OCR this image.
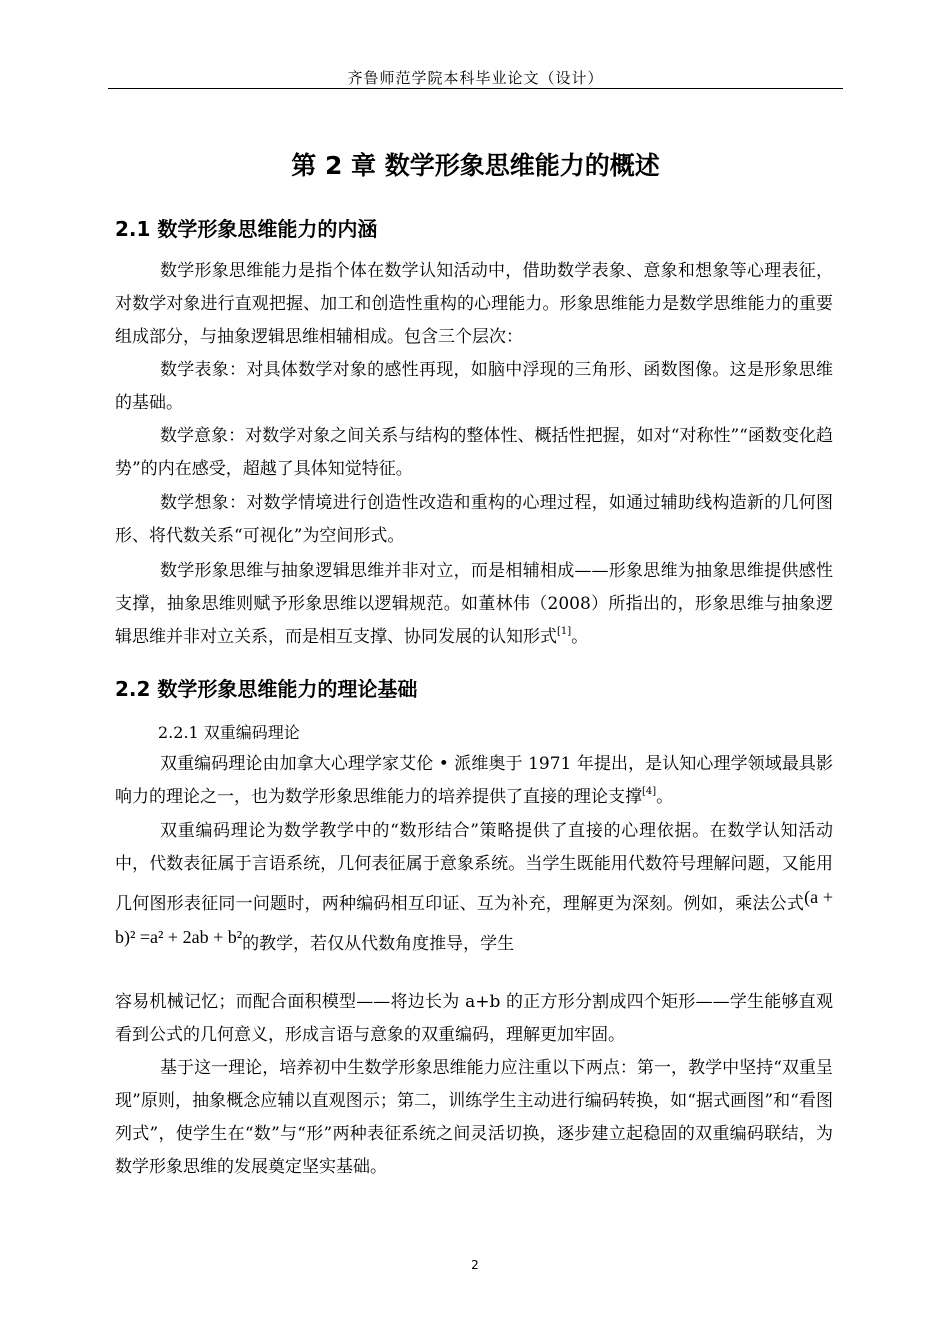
齐鲁师范学院本科毕业论文（设计）
第 2 章 数学形象思维能力的概述
2.1 数学形象思维能力的内涵
数学形象思维能力是指个体在数学认知活动中，借助数学表象、意象和想象等心理表征，对数学对象进行直观把握、加工和创造性重构的心理能力。形象思维能力是数学思维能力的重要组成部分，与抽象逻辑思维相辅相成。包含三个层次：
数学表象：对具体数学对象的感性再现，如脑中浮现的三角形、函数图像。这是形象思维的基础。
数学意象：对数学对象之间关系与结构的整体性、概括性把握，如对“对称性”“函数变化趋势”的内在感受，超越了具体知觉特征。
数学想象：对数学情境进行创造性改造和重构的心理过程，如通过辅助线构造新的几何图形、将代数关系“可视化”为空间形式。
数学形象思维与抽象逻辑思维并非对立，而是相辅相成——形象思维为抽象思维提供感性支撑，抽象思维则赋予形象思维以逻辑规范。如董林伟（2008）所指出的，形象思维与抽象逻辑思维并非对立关系，而是相互支撑、协同发展的认知形式[1]。
2.2 数学形象思维能力的理论基础
2.2.1 双重编码理论
双重编码理论由加拿大心理学家艾伦 • 派维奥于 1971 年提出，是认知心理学领域最具影响力的理论之一，也为数学形象思维能力的培养提供了直接的理论支撑[4]。
双重编码理论为数学教学中的“数形结合”策略提供了直接的心理依据。在数学认知活动中，代数表征属于言语系统，几何表征属于意象系统。当学生既能用代数符号理解问题，又能用几何图形表征同一问题时，两种编码相互印证、互为补充，理解更为深刻。例如，乘法公式(a + b)² =a² + 2ab + b²的教学，若仅从代数角度推导，学生
容易机械记忆；而配合面积模型——将边长为 a+b 的正方形分割成四个矩形——学生能够直观看到公式的几何意义，形成言语与意象的双重编码，理解更加牢固。
基于这一理论，培养初中生数学形象思维能力应注重以下两点：第一，教学中坚持“双重呈现”原则，抽象概念应辅以直观图示；第二，训练学生主动进行编码转换，如“据式画图”和“看图列式”，使学生在“数”与“形”两种表征系统之间灵活切换，逐步建立起稳固的双重编码联结，为数学形象思维的发展奠定坚实基础。
2
